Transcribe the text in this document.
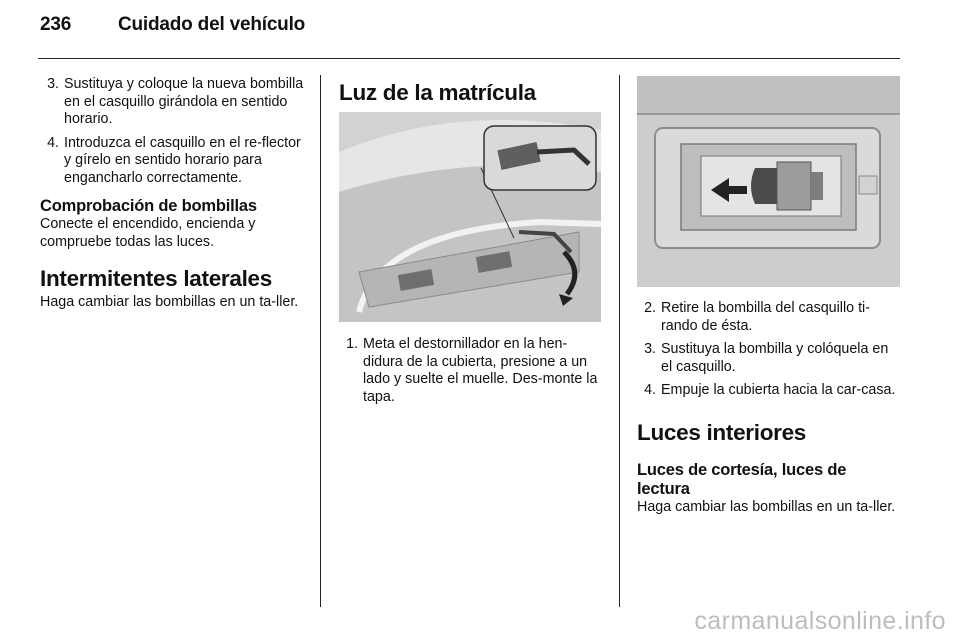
236	Cuidado del vehículo
3. Sustituya y coloque la nueva bombilla en el casquillo girándola en sentido horario.
4. Introduzca el casquillo en el re-flector y gírelo en sentido horario para engancharlo correctamente.
Comprobación de bombillas

Conecte el encendido, encienda y compruebe todas las luces.

Intermitentes laterales

Haga cambiar las bombillas en un ta-ller.

Luz de la matrícula
1. Meta el destornillador en la hen-didura de la cubierta, presione a un lado y suelte el muelle. Des-monte la tapa.
2. Retire la bombilla del casquillo ti-rando de ésta.
3. Sustituya la bombilla y colóquela en el casquillo.
4. Empuje la cubierta hacia la car-casa.
Luces interiores
Luces de cortesía, luces de lectura

Haga cambiar las bombillas en un ta-ller.

carmanualsonline.info
